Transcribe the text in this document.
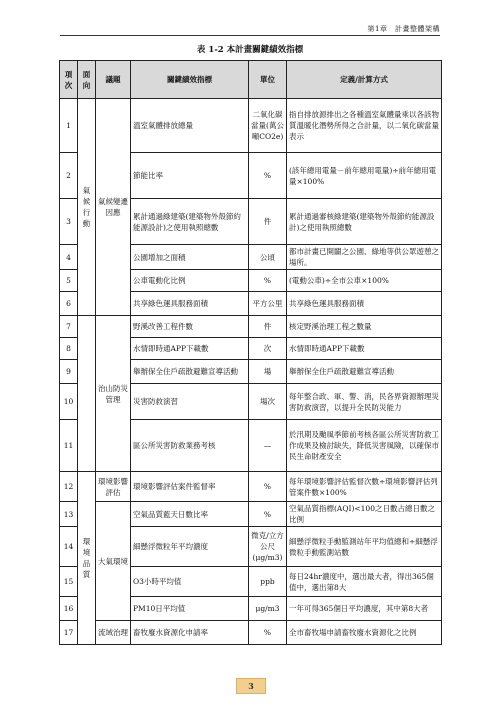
第1章　計畫整體架構
表 1-2 本計畫關鍵績效指標
項次	面向	議題	關鍵績效指標	單位	定義/計算方式
1	氣候行動	氣候變遷因應	溫室氣體排放總量	二氧化碳當量(萬公噸CO2e)	指自排放源排出之各種溫室氣體量乘以各該物質溫暖化潛勢所得之合計量，以二氧化碳當量表示
2			節能比率	%	(該年總用電量－前年總用電量)÷前年總用電量×100%
3			累計通過綠建築(建築物外殼節約能源設計)之使用執照總數	件	累計通過審核綠建築(建築物外殼節約能源設計)之使用執照總數
4			公園增加之面積	公頃	都市計畫已開闢之公園、綠地等供公眾遊憩之場所。
5			公車電動化比例	%	(電動公車)÷全市公車×100%
6			共享綠色運具服務面積	平方公里	共享綠色運具服務面積
7		治山防災管理	野溪改善工程件數	件	核定野溪治理工程之數量
8			水情即時通APP下載數	次	水情即時通APP下載數
9			舉辦保全住戶疏散避難宣導活動	場	舉辦保全住戶疏散避難宣導活動
10			災害防救演習	場次	每年整合政、軍、警、消，民各界資源辦理災害防救演習，以提升全民防災能力
11			區公所災害防救業務考核	—	於汛期及颱風季節前考核各區公所災害防救工作成果及檢討缺失，降低災害風險，以確保市民生命財產安全
12	環境品質	環境影響評估	環境影響評估案件監督率	%	每年環境影響評估監督次數÷環境影響評估列管案件數×100%
13		大氣環境	空氣品質藍天日數比率	%	空氣品質指標(AQI)<100之日數占總日數之比例
14			細懸浮微粒年平均濃度	微克/立方公尺(μg/m3)	細懸浮微粒手動監測站年平均值總和÷細懸浮微粒手動監測站數
15			O3小時平均值	ppb	每日24hr濃度中，選出最大者，得出365個值中，選出第8大
16			PM10日平均值	μg/m3	一年可得365個日平均濃度，其中第8大者
17		流域治理	畜牧廢水資源化申請率	%	全市畜牧場申請畜牧廢水資源化之比例
3
